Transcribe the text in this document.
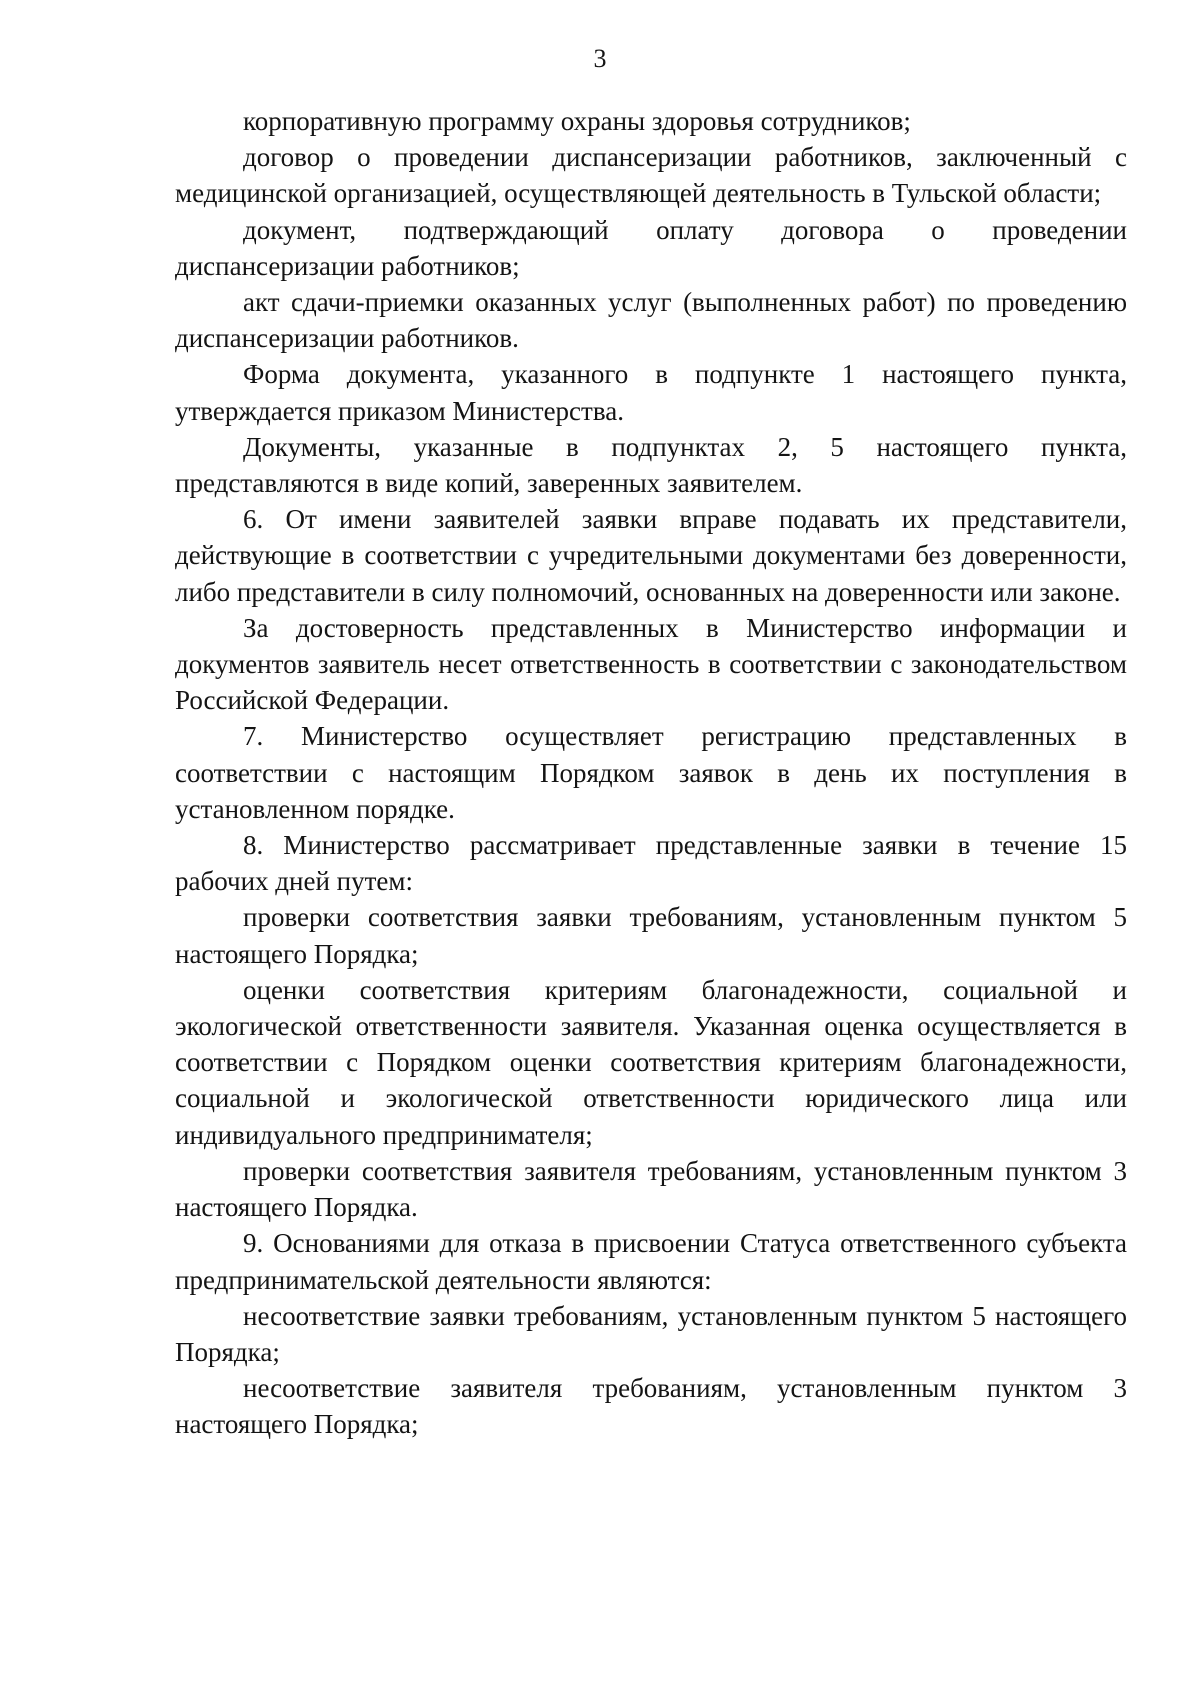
3

корпоративную программу охраны здоровья сотрудников;

договор о проведении диспансеризации работников, заключенный с медицинской организацией, осуществляющей деятельность в Тульской области;

документ, подтверждающий оплату договора о проведении диспансеризации работников;

акт сдачи-приемки оказанных услуг (выполненных работ) по проведению диспансеризации работников.

Форма документа, указанного в подпункте 1 настоящего пункта, утверждается приказом Министерства.

Документы, указанные в подпунктах 2, 5 настоящего пункта, представляются в виде копий, заверенных заявителем.

6. От имени заявителей заявки вправе подавать их представители, действующие в соответствии с учредительными документами без доверенности, либо представители в силу полномочий, основанных на доверенности или законе.

За достоверность представленных в Министерство информации и документов заявитель несет ответственность в соответствии с законодательством Российской Федерации.

7. Министерство осуществляет регистрацию представленных в соответствии с настоящим Порядком заявок в день их поступления в установленном порядке.

8. Министерство рассматривает представленные заявки в течение 15 рабочих дней путем:

проверки соответствия заявки требованиям, установленным пунктом 5 настоящего Порядка;

оценки соответствия критериям благонадежности, социальной и экологической ответственности заявителя. Указанная оценка осуществляется в соответствии с Порядком оценки соответствия критериям благонадежности, социальной и экологической ответственности юридического лица или индивидуального предпринимателя;

проверки соответствия заявителя требованиям, установленным пунктом 3 настоящего Порядка.

9. Основаниями для отказа в присвоении Статуса ответственного субъекта предпринимательской деятельности являются:

несоответствие заявки требованиям, установленным пунктом 5 настоящего Порядка;

несоответствие заявителя требованиям, установленным пунктом 3 настоящего Порядка;
